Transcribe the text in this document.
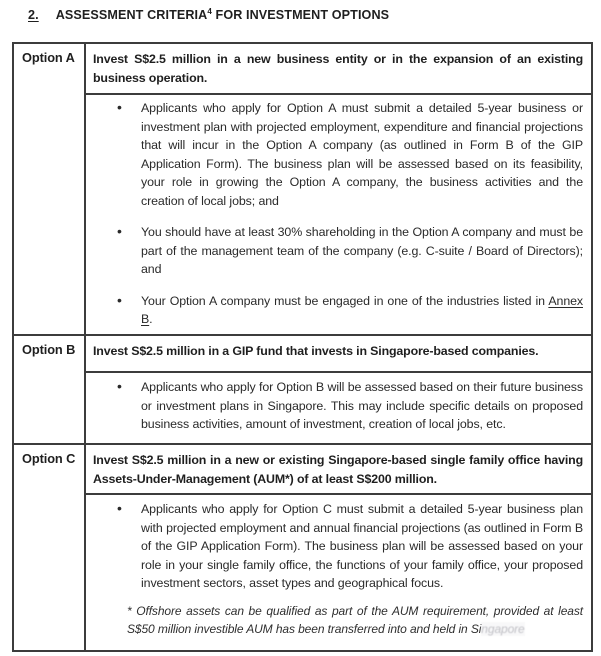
2. ASSESSMENT CRITERIA$^4$ FOR INVESTMENT OPTIONS
Option A	Invest S$2.5 million in a new business entity or in the expansion of an existing business operation.
• Applicants who apply for Option A must submit a detailed 5-year business or investment plan with projected employment, expenditure and financial projections that will incur in the Option A company (as outlined in Form B of the GIP Application Form). The business plan will be assessed based on its feasibility, your role in growing the Option A company, the business activities and the creation of local jobs; and
• You should have at least 30% shareholding in the Option A company and must be part of the management team of the company (e.g. C-suite / Board of Directors); and
• Your Option A company must be engaged in one of the industries listed in Annex B.
Option B	Invest S$2.5 million in a GIP fund that invests in Singapore-based companies.
• Applicants who apply for Option B will be assessed based on their future business or investment plans in Singapore. This may include specific details on proposed business activities, amount of investment, creation of local jobs, etc.
Option C	Invest S$2.5 million in a new or existing Singapore-based single family office having Assets-Under-Management (AUM*) of at least S$200 million.
• Applicants who apply for Option C must submit a detailed 5-year business plan with projected employment and annual financial projections (as outlined in Form B of the GIP Application Form). The business plan will be assessed based on your role in your single family office, the functions of your family office, your proposed investment sectors, asset types and geographical focus.
* Offshore assets can be qualified as part of the AUM requirement, provided at least S$50 million investible AUM has been transferred into and held in Singapore
